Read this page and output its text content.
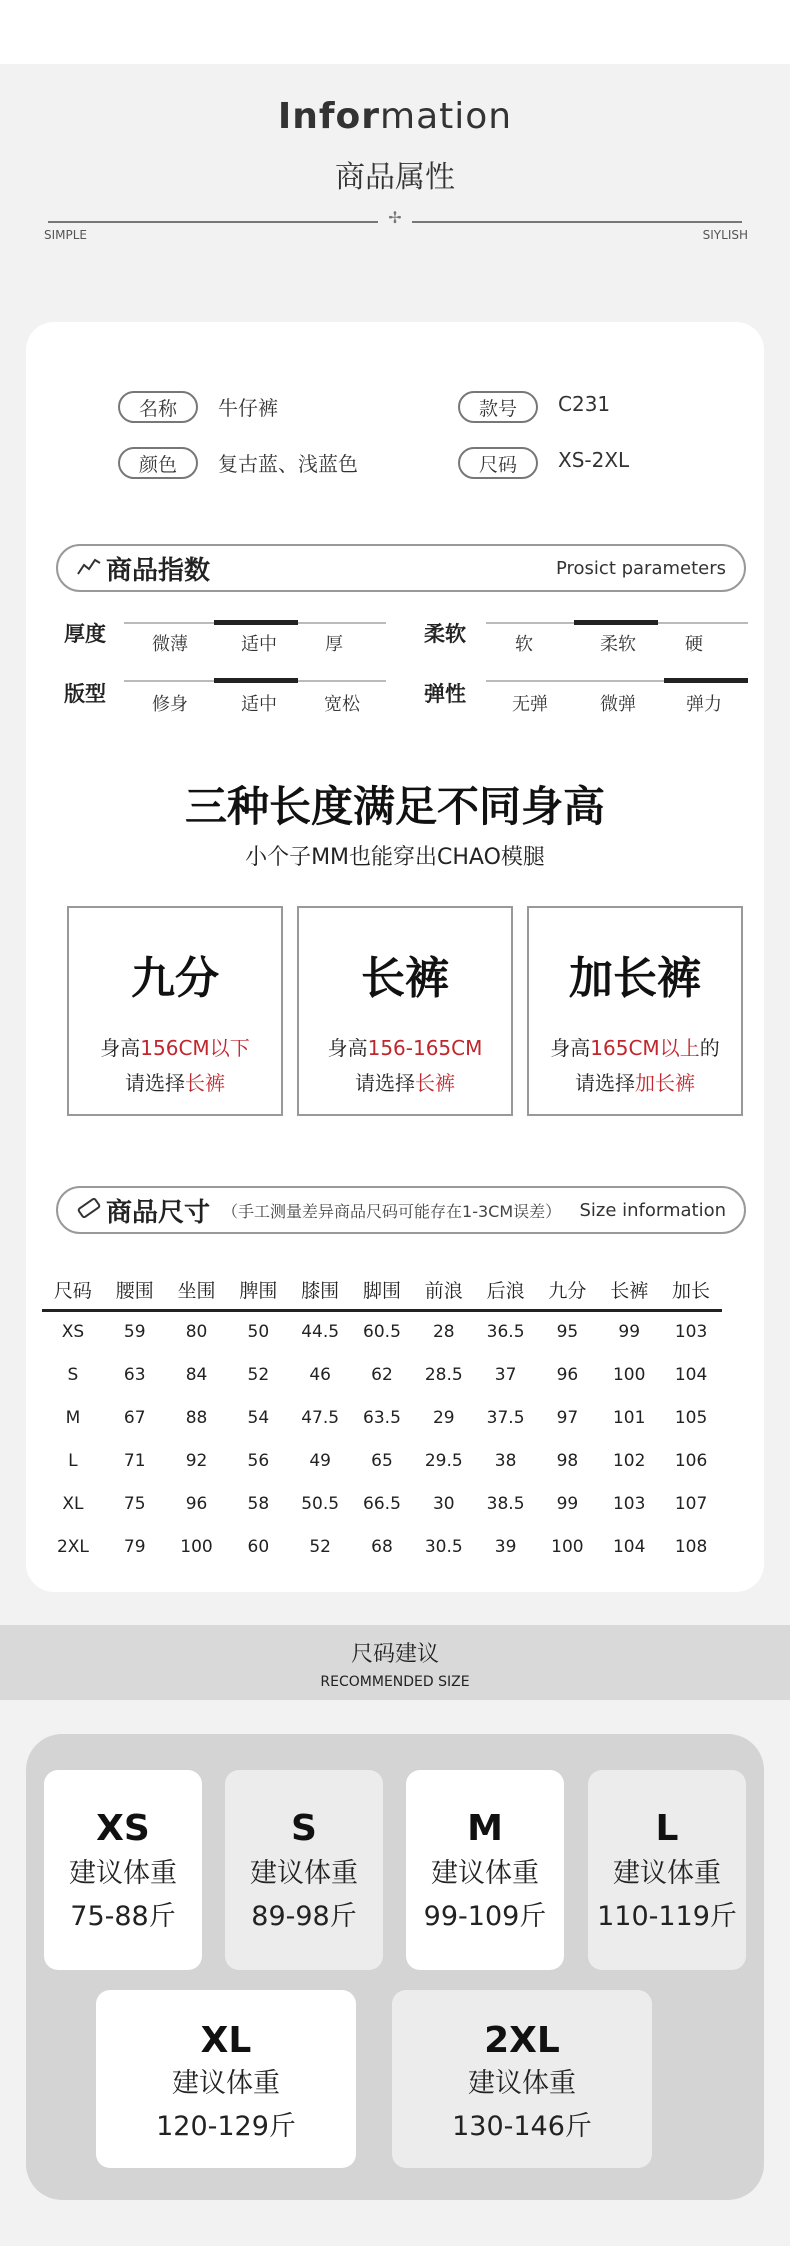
Information
商品属性
✢
SIMPLE	SIYLISH
名称	牛仔裤	款号	C231
颜色	复古蓝、浅蓝色	尺码	XS-2XL
商品指数	Prosict parameters
厚度	微薄	适中	厚	柔软	软	柔软	硬
版型	修身	适中	宽松	弹性	无弹	微弹	弹力
三种长度满足不同身高
小个子MM也能穿出CHAO模腿
九分
身高156CM以下
请选择长裤
长裤
身高156-165CM
请选择长裤
加长裤
身高165CM以上的
请选择加长裤
商品尺寸 （手工测量差异商品尺码可能存在1-3CM误差） Size information
尺码	腰围	坐围	脾围	膝围	脚围	前浪	后浪	九分	长裤	加长
XS	59	80	50	44.5	60.5	28	36.5	95	99	103
S	63	84	52	46	62	28.5	37	96	100	104
M	67	88	54	47.5	63.5	29	37.5	97	101	105
L	71	92	56	49	65	29.5	38	98	102	106
XL	75	96	58	50.5	66.5	30	38.5	99	103	107
2XL	79	100	60	52	68	30.5	39	100	104	108
尺码建议
RECOMMENDED SIZE
XS
建议体重
75-88斤
S
建议体重
89-98斤
M
建议体重
99-109斤
L
建议体重
110-119斤
XL
建议体重
120-129斤
2XL
建议体重
130-146斤
